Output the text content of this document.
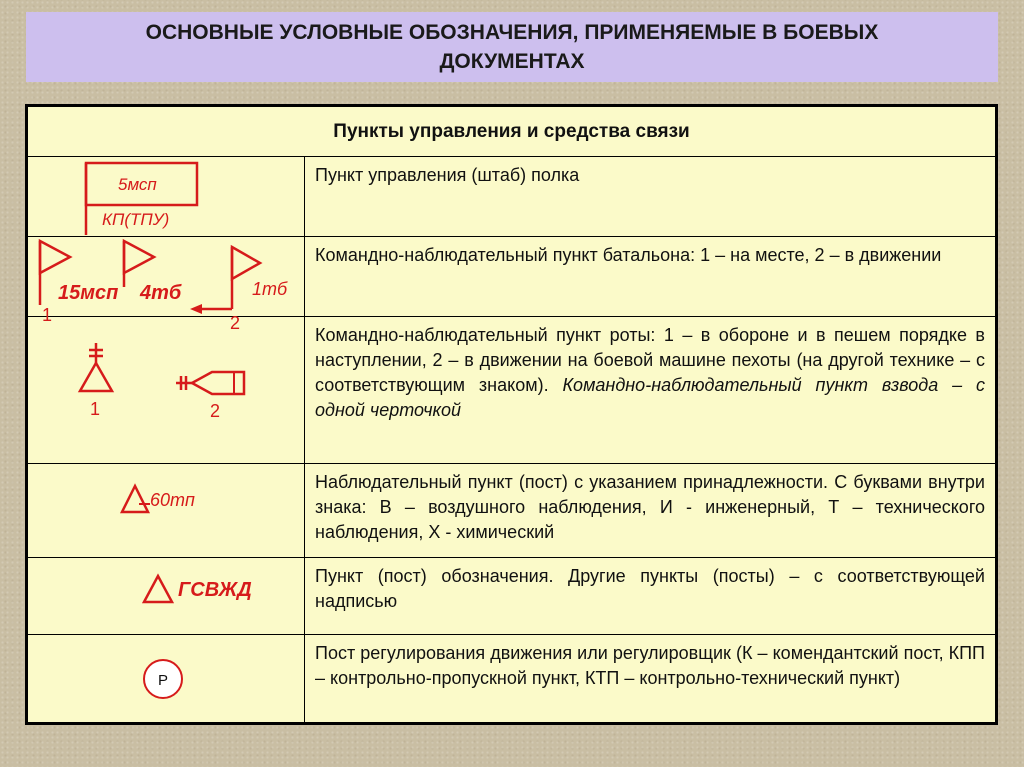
ОСНОВНЫЕ УСЛОВНЫЕ ОБОЗНАЧЕНИЯ, ПРИМЕНЯЕМЫЕ В БОЕВЫХ ДОКУМЕНТАХ
Пункты управления и средства связи
5мсп
КП(ТПУ)
Пункт управления (штаб) полка
15мсп 4тб	1тб
1	2
Командно-наблюдательный пункт батальона: 1 – на месте, 2 – в движении
1	2
Командно-наблюдательный пункт роты: 1 – в обороне и в пешем порядке в наступлении, 2 – в движении на боевой машине пехоты (на другой технике – с соответствующим знаком). Командно-наблюдательный пункт взвода – с одной черточкой
60тп
Наблюдательный пункт (пост) с указанием принадлежности. С буквами внутри знака: В – воздушного наблюдения, И - инженерный, Т – технического наблюдения, Х - химический
ГСВЖД
Пункт (пост) обозначения. Другие пункты (посты) – с соответствующей надписью
Р
Пост регулирования движения или регулировщик (К – комендантский пост, КПП – контрольно-пропускной пункт, КТП – контрольно-технический пункт)
